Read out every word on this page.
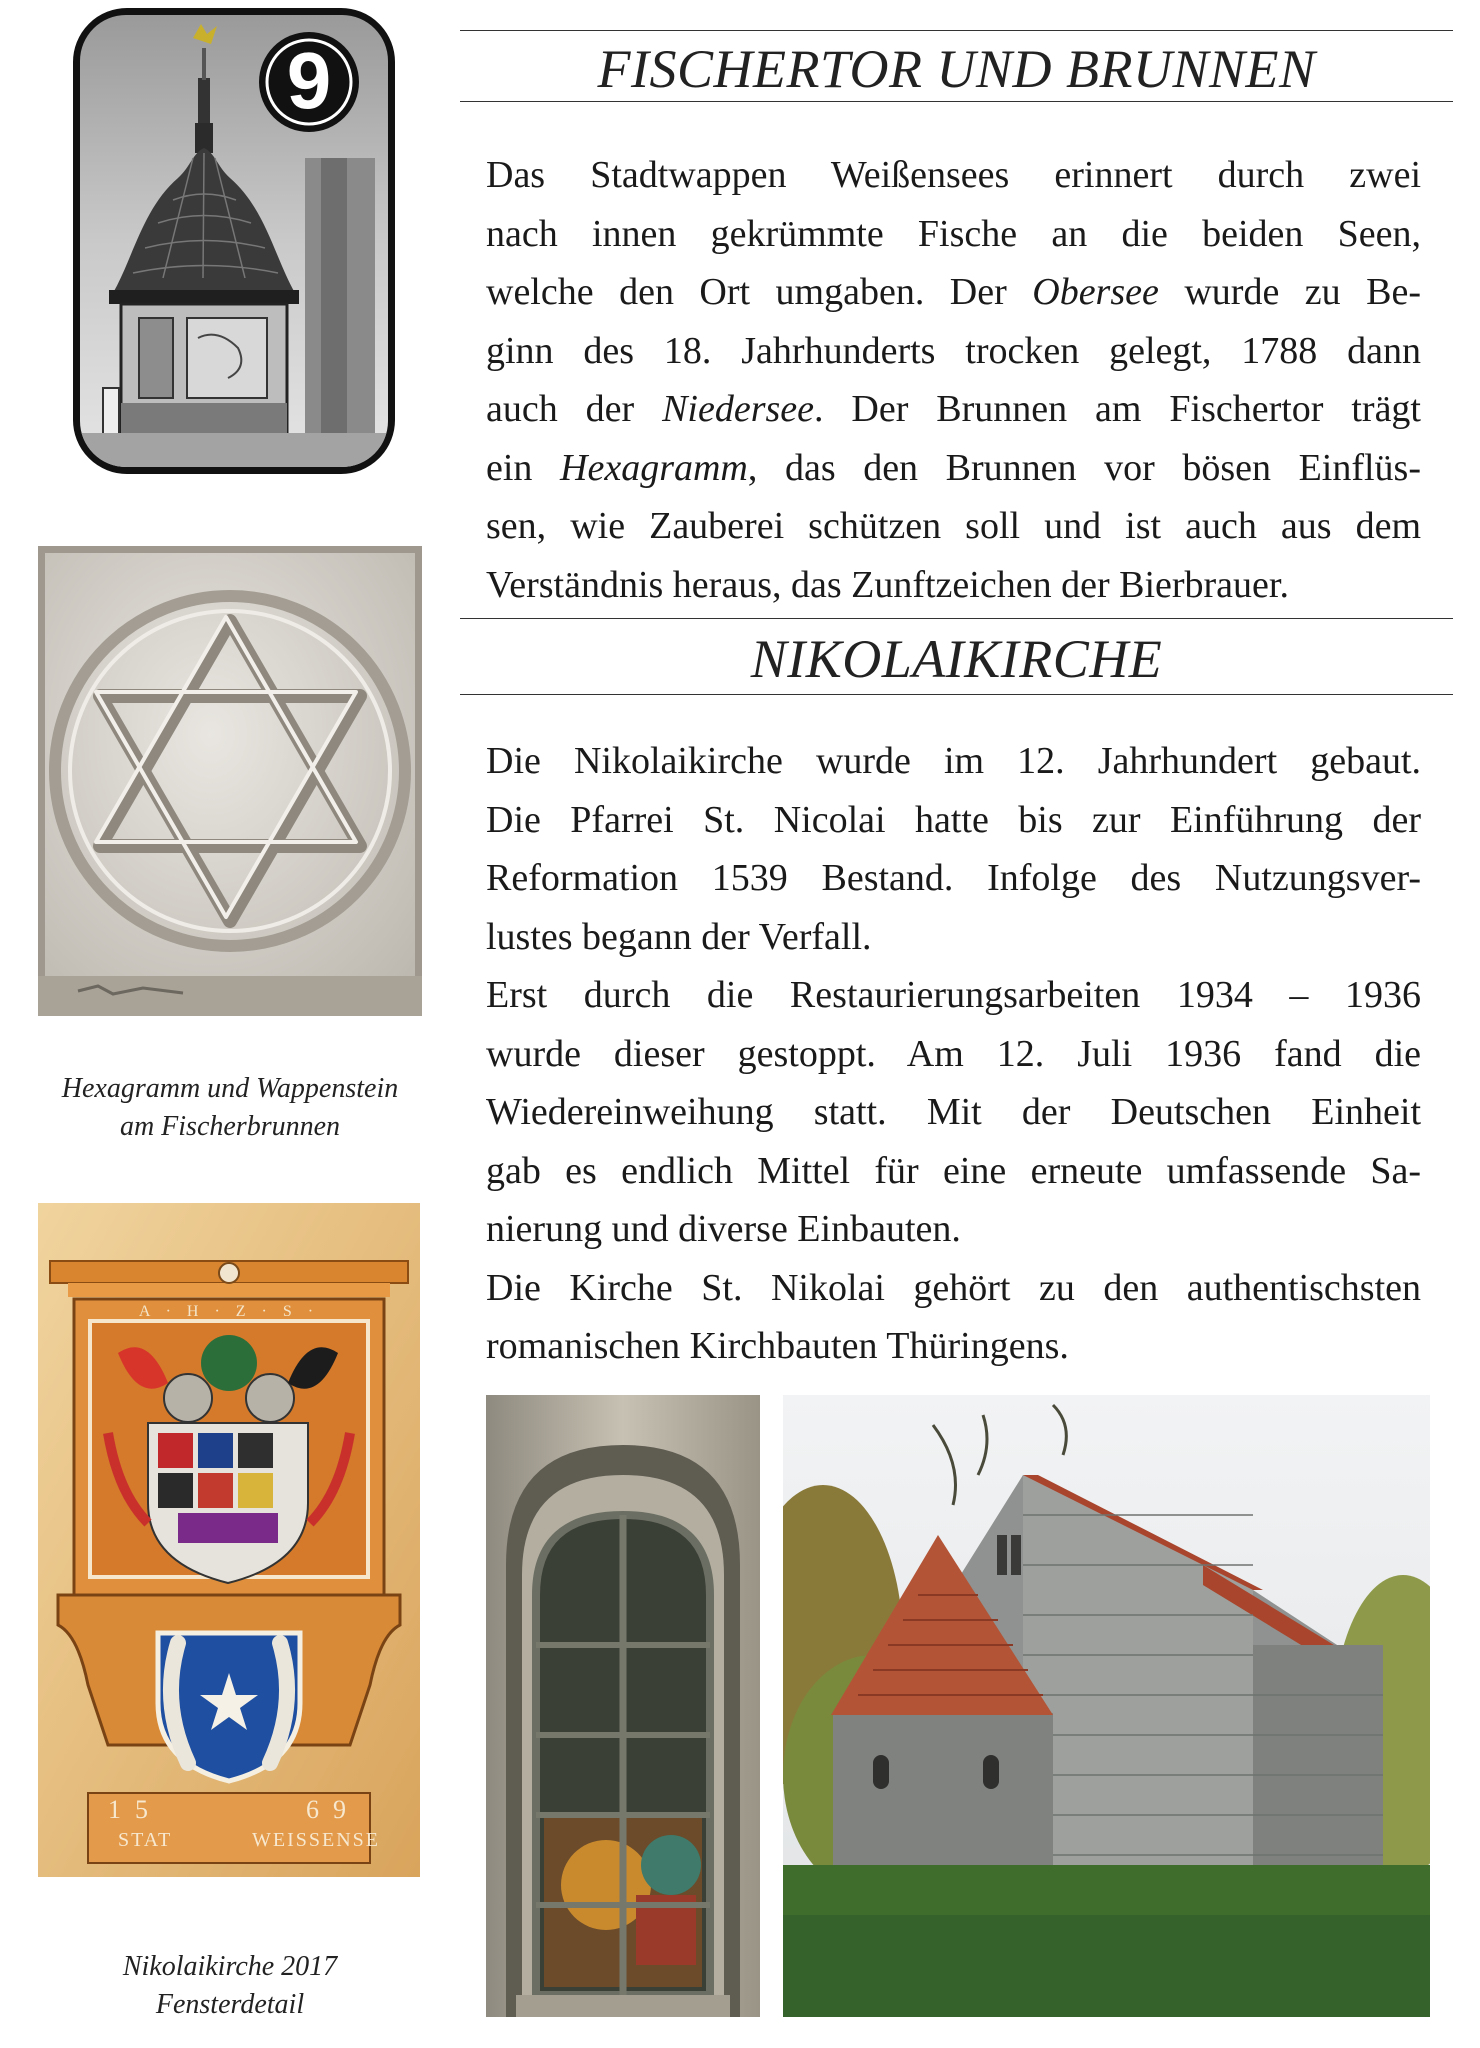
9
Hexagramm und Wappenstein
am Fischerbrunnen
A · H · Z · S ·
15	69
STAT	WEISSENSE
Nikolaikirche 2017
Fensterdetail
FISCHERTOR UND BRUNNEN

Das Stadtwappen Weißensees erinnert durch zwei

nach innen gekrümmte Fische an die beiden Seen,

welche den Ort umgaben. Der Obersee wurde zu Be-

ginn des 18. Jahrhunderts trocken gelegt, 1788 dann

auch der Niedersee. Der Brunnen am Fischertor trägt

ein Hexagramm, das den Brunnen vor bösen Einflüs-

sen, wie Zauberei schützen soll und ist auch aus dem

Verständnis heraus, das Zunftzeichen der Bierbrauer.

NIKOLAIKIRCHE

Die Nikolaikirche wurde im 12. Jahrhundert gebaut.

Die Pfarrei St. Nicolai hatte bis zur Einführung der

Reformation 1539 Bestand. Infolge des Nutzungsver-

lustes begann der Verfall.

Erst durch die Restaurierungsarbeiten 1934 – 1936

wurde dieser gestoppt. Am 12. Juli 1936 fand die

Wiedereinweihung statt. Mit der Deutschen Einheit

gab es endlich Mittel für eine erneute umfassende Sa-

nierung und diverse Einbauten.

Die Kirche St. Nikolai gehört zu den authentischsten

romanischen Kirchbauten Thüringens.
